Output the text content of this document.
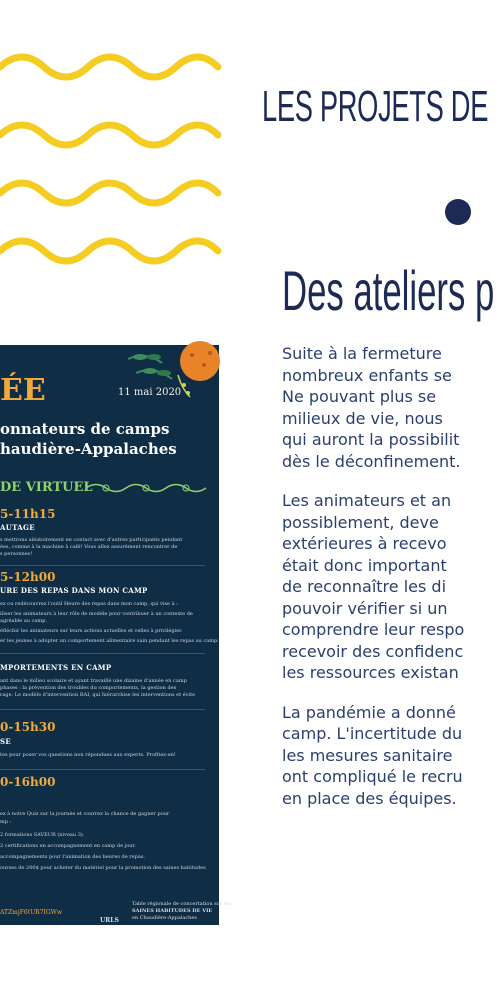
LES PROJETS DE
Des ateliers p

Suite à la fermeture
nombreux enfants se
Ne pouvant plus se
milieux de vie, nous
qui auront la possibilit
dès le déconfinement.

Les animateurs et an
possiblement, deve
extérieures à recevo
était donc important
de reconnaître les di
pouvoir vérifier si un
comprendre leur respo
recevoir des confidenc
les ressources existan

La pandémie a donné
camp. L'incertitude du
les mesures sanitaire
ont compliqué le recru
en place des équipes.

ÉE	11 mai 2020
onnateurs de camps
haudière-Appalaches
DE VIRTUEL
5-11h15
AUTAGE
s mettrons aléatoirement en contact avec d'autres participants pendant
ées, comme à la machine à café! Vous allez assurément rencontrer de
s personnes!
5-12h00
URE DES REPAS DANS MON CAMP
ez ou redécouvrez l'outil Heure des repas dans mon camp, qui vise à :
iliser les animateurs à leur rôle de modèle pour contribuer à un contexte de
agréable au camp.
éfléchir les animateurs sur leurs actions actuelles et celles à privilégier.
er les jeunes à adopter un comportement alimentaire sain pendant les repas au camp.
MPORTEMENTS EN CAMP
ant dans le milieu scolaire et ayant travaillé une dizaine d'année en camp
phases : la prévention des troubles du comportements, la gestion des
rage. Le modèle d'intervention RAI, qui hiérarchise les interventions et évite
0-15h30
SE
tes pour poser vos questions non répondues aux experts. Profitez-en!
0-16h00
ez à notre Quiz sur la journée et courrez la chance de gagner pour
mp :
2 formations SAVEUR (niveau 3).
2 certifications en accompagnement en camp de jour.
accompagnements pour l'animation des heures de repas.
ourses de 200$ pour acheter du matériel pour la promotion des saines habitudes
ATZmjF6tUR7IGWw
URLS
Table régionale de concertation sur les
SAINES HABITUDES DE VIE
en Chaudière-Appalaches
